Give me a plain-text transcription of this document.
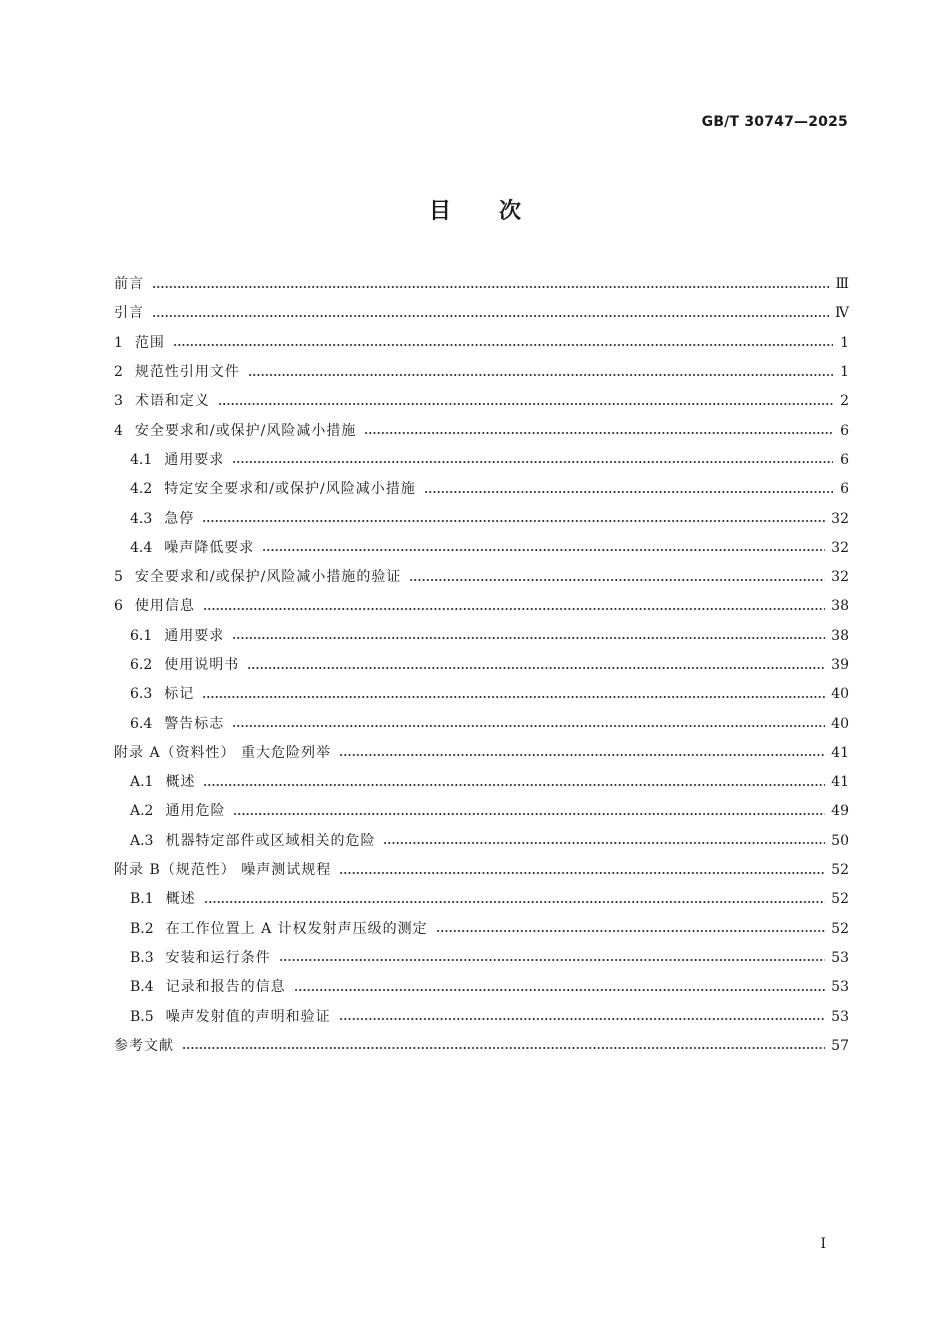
GB/T 30747—2025
目 次
前言	Ⅲ
引言	Ⅳ
1 范围	1
2 规范性引用文件	1
3 术语和定义	2
4 安全要求和/或保护/风险减小措施	6
4.1 通用要求	6
4.2 特定安全要求和/或保护/风险减小措施	6
4.3 急停	32
4.4 噪声降低要求	32
5 安全要求和/或保护/风险减小措施的验证	32
6 使用信息	38
6.1 通用要求	38
6.2 使用说明书	39
6.3 标记	40
6.4 警告标志	40
附录 A（资料性） 重大危险列举	41
A.1 概述	41
A.2 通用危险	49
A.3 机器特定部件或区域相关的危险	50
附录 B（规范性） 噪声测试规程	52
B.1 概述	52
B.2 在工作位置上 A 计权发射声压级的测定	52
B.3 安装和运行条件	53
B.4 记录和报告的信息	53
B.5 噪声发射值的声明和验证	53
参考文献	57
I
